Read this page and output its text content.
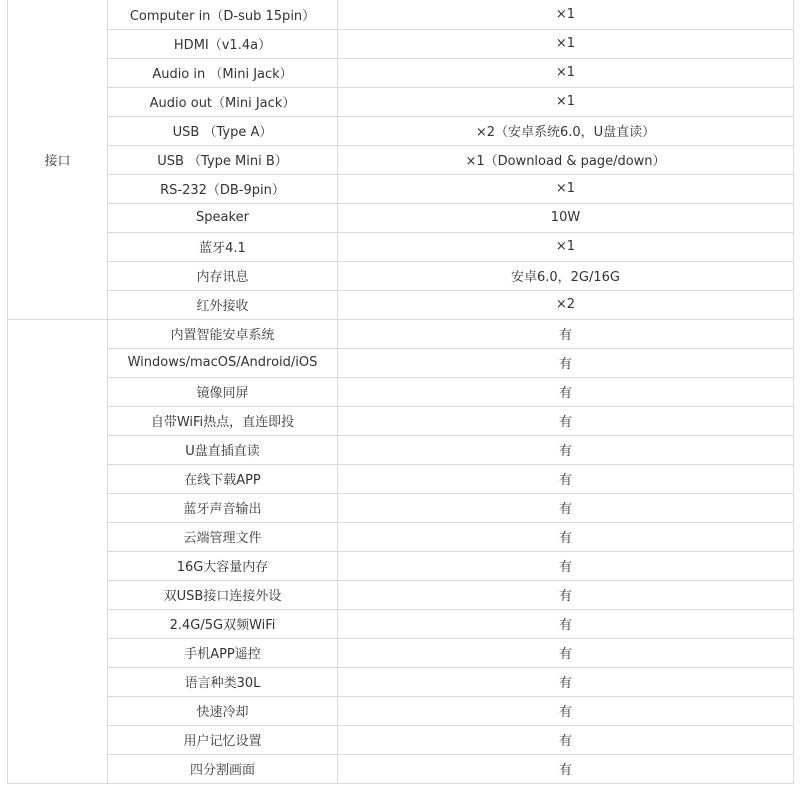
接口	Computer in（D-sub 15pin）	×1
	HDMI（v1.4a）	×1
	Audio in （Mini Jack）	×1
	Audio out（Mini Jack）	×1
	USB （Type A）	×2（安卓系统6.0，U盘直读）
	USB （Type Mini B）	×1（Download & page/down）
	RS-232（DB-9pin）	×1
	Speaker	10W
	蓝牙4.1	×1
	内存讯息	安卓6.0，2G/16G
	红外接收	×2
	内置智能安卓系统	有
	Windows/macOS/Android/iOS	有
	镜像同屏	有
	自带WiFi热点，直连即投	有
	U盘直插直读	有
	在线下载APP	有
	蓝牙声音输出	有
	云端管理文件	有
	16G大容量内存	有
	双USB接口连接外设	有
	2.4G/5G双频WiFi	有
	手机APP遥控	有
	语言种类30L	有
	快速冷却	有
	用户记忆设置	有
	四分割画面	有
